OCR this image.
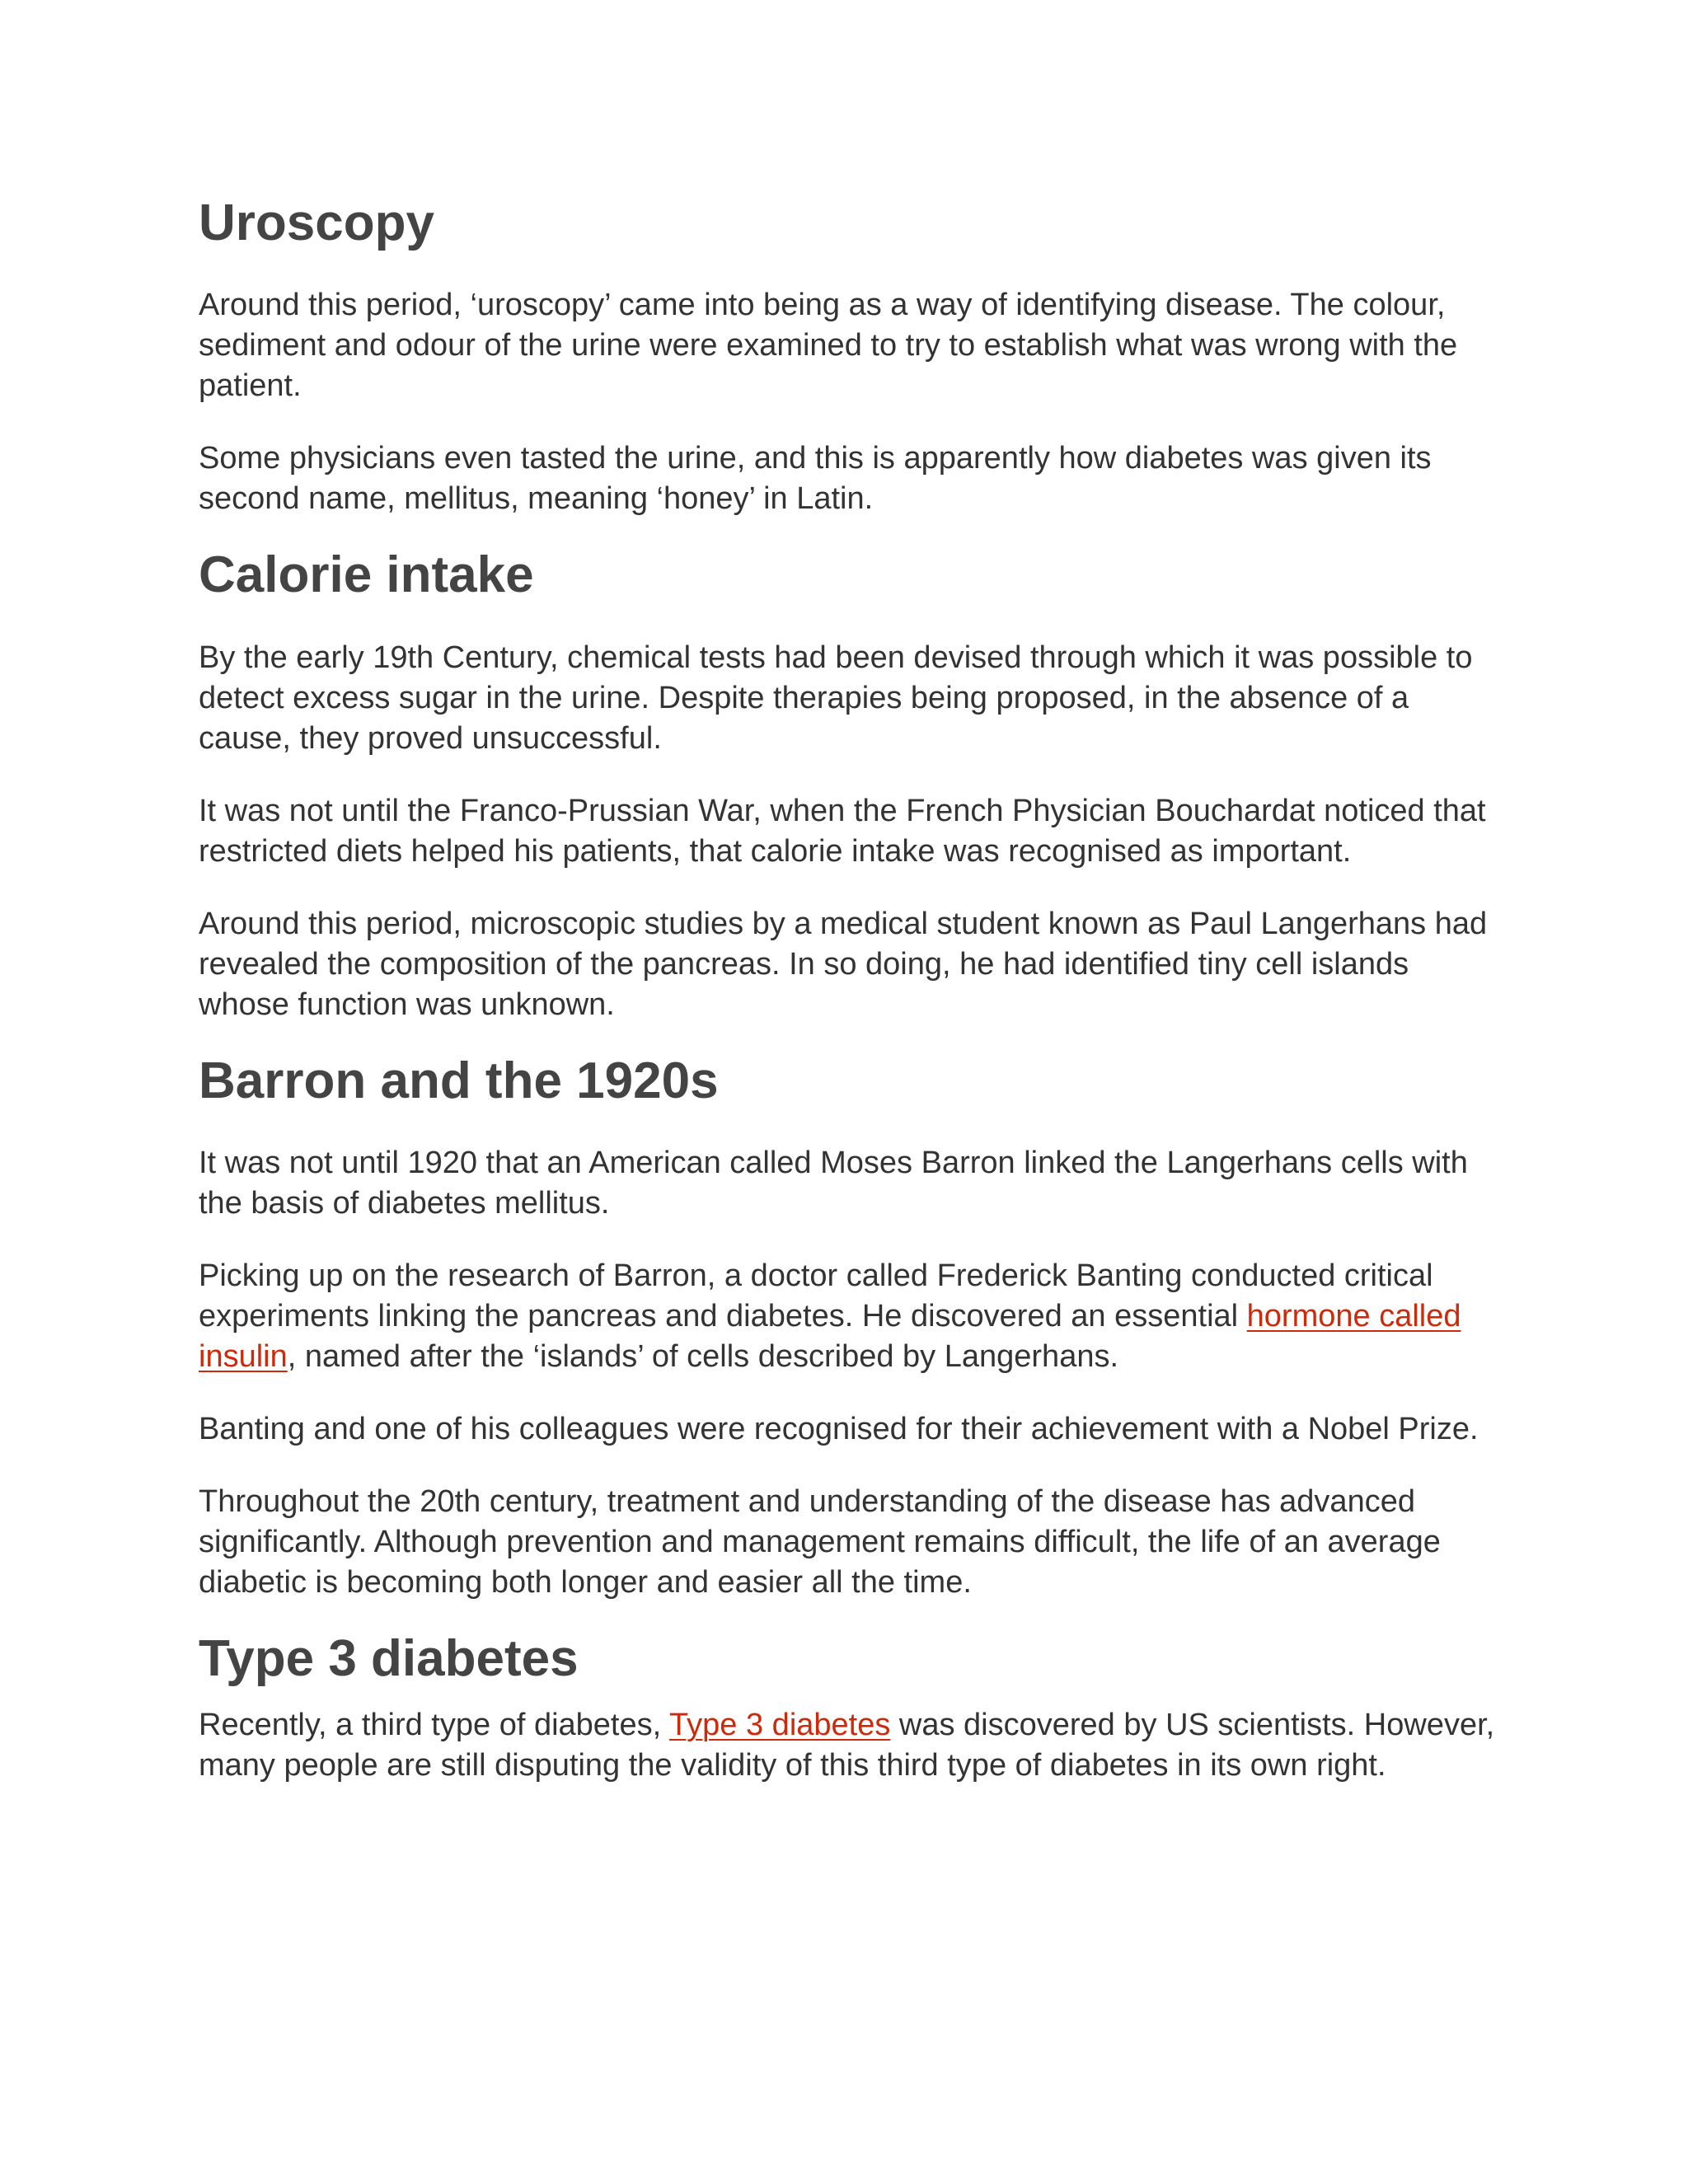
Uroscopy

Around this period, ‘uroscopy’ came into being as a way of identifying disease. The colour, sediment and odour of the urine were examined to try to establish what was wrong with the patient.

Some physicians even tasted the urine, and this is apparently how diabetes was given its second name, mellitus, meaning ‘honey’ in Latin.

Calorie intake

By the early 19th Century, chemical tests had been devised through which it was possible to detect excess sugar in the urine. Despite therapies being proposed, in the absence of a cause, they proved unsuccessful.

It was not until the Franco-Prussian War, when the French Physician Bouchardat noticed that restricted diets helped his patients, that calorie intake was recognised as important.

Around this period, microscopic studies by a medical student known as Paul Langerhans had revealed the composition of the pancreas. In so doing, he had identified tiny cell islands whose function was unknown.

Barron and the 1920s

It was not until 1920 that an American called Moses Barron linked the Langerhans cells with the basis of diabetes mellitus.

Picking up on the research of Barron, a doctor called Frederick Banting conducted critical experiments linking the pancreas and diabetes. He discovered an essential hormone called insulin, named after the ‘islands’ of cells described by Langerhans.

Banting and one of his colleagues were recognised for their achievement with a Nobel Prize.

Throughout the 20th century, treatment and understanding of the disease has advanced significantly. Although prevention and management remains difficult, the life of an average diabetic is becoming both longer and easier all the time.

Type 3 diabetes

Recently, a third type of diabetes, Type 3 diabetes was discovered by US scientists. However, many people are still disputing the validity of this third type of diabetes in its own right.
